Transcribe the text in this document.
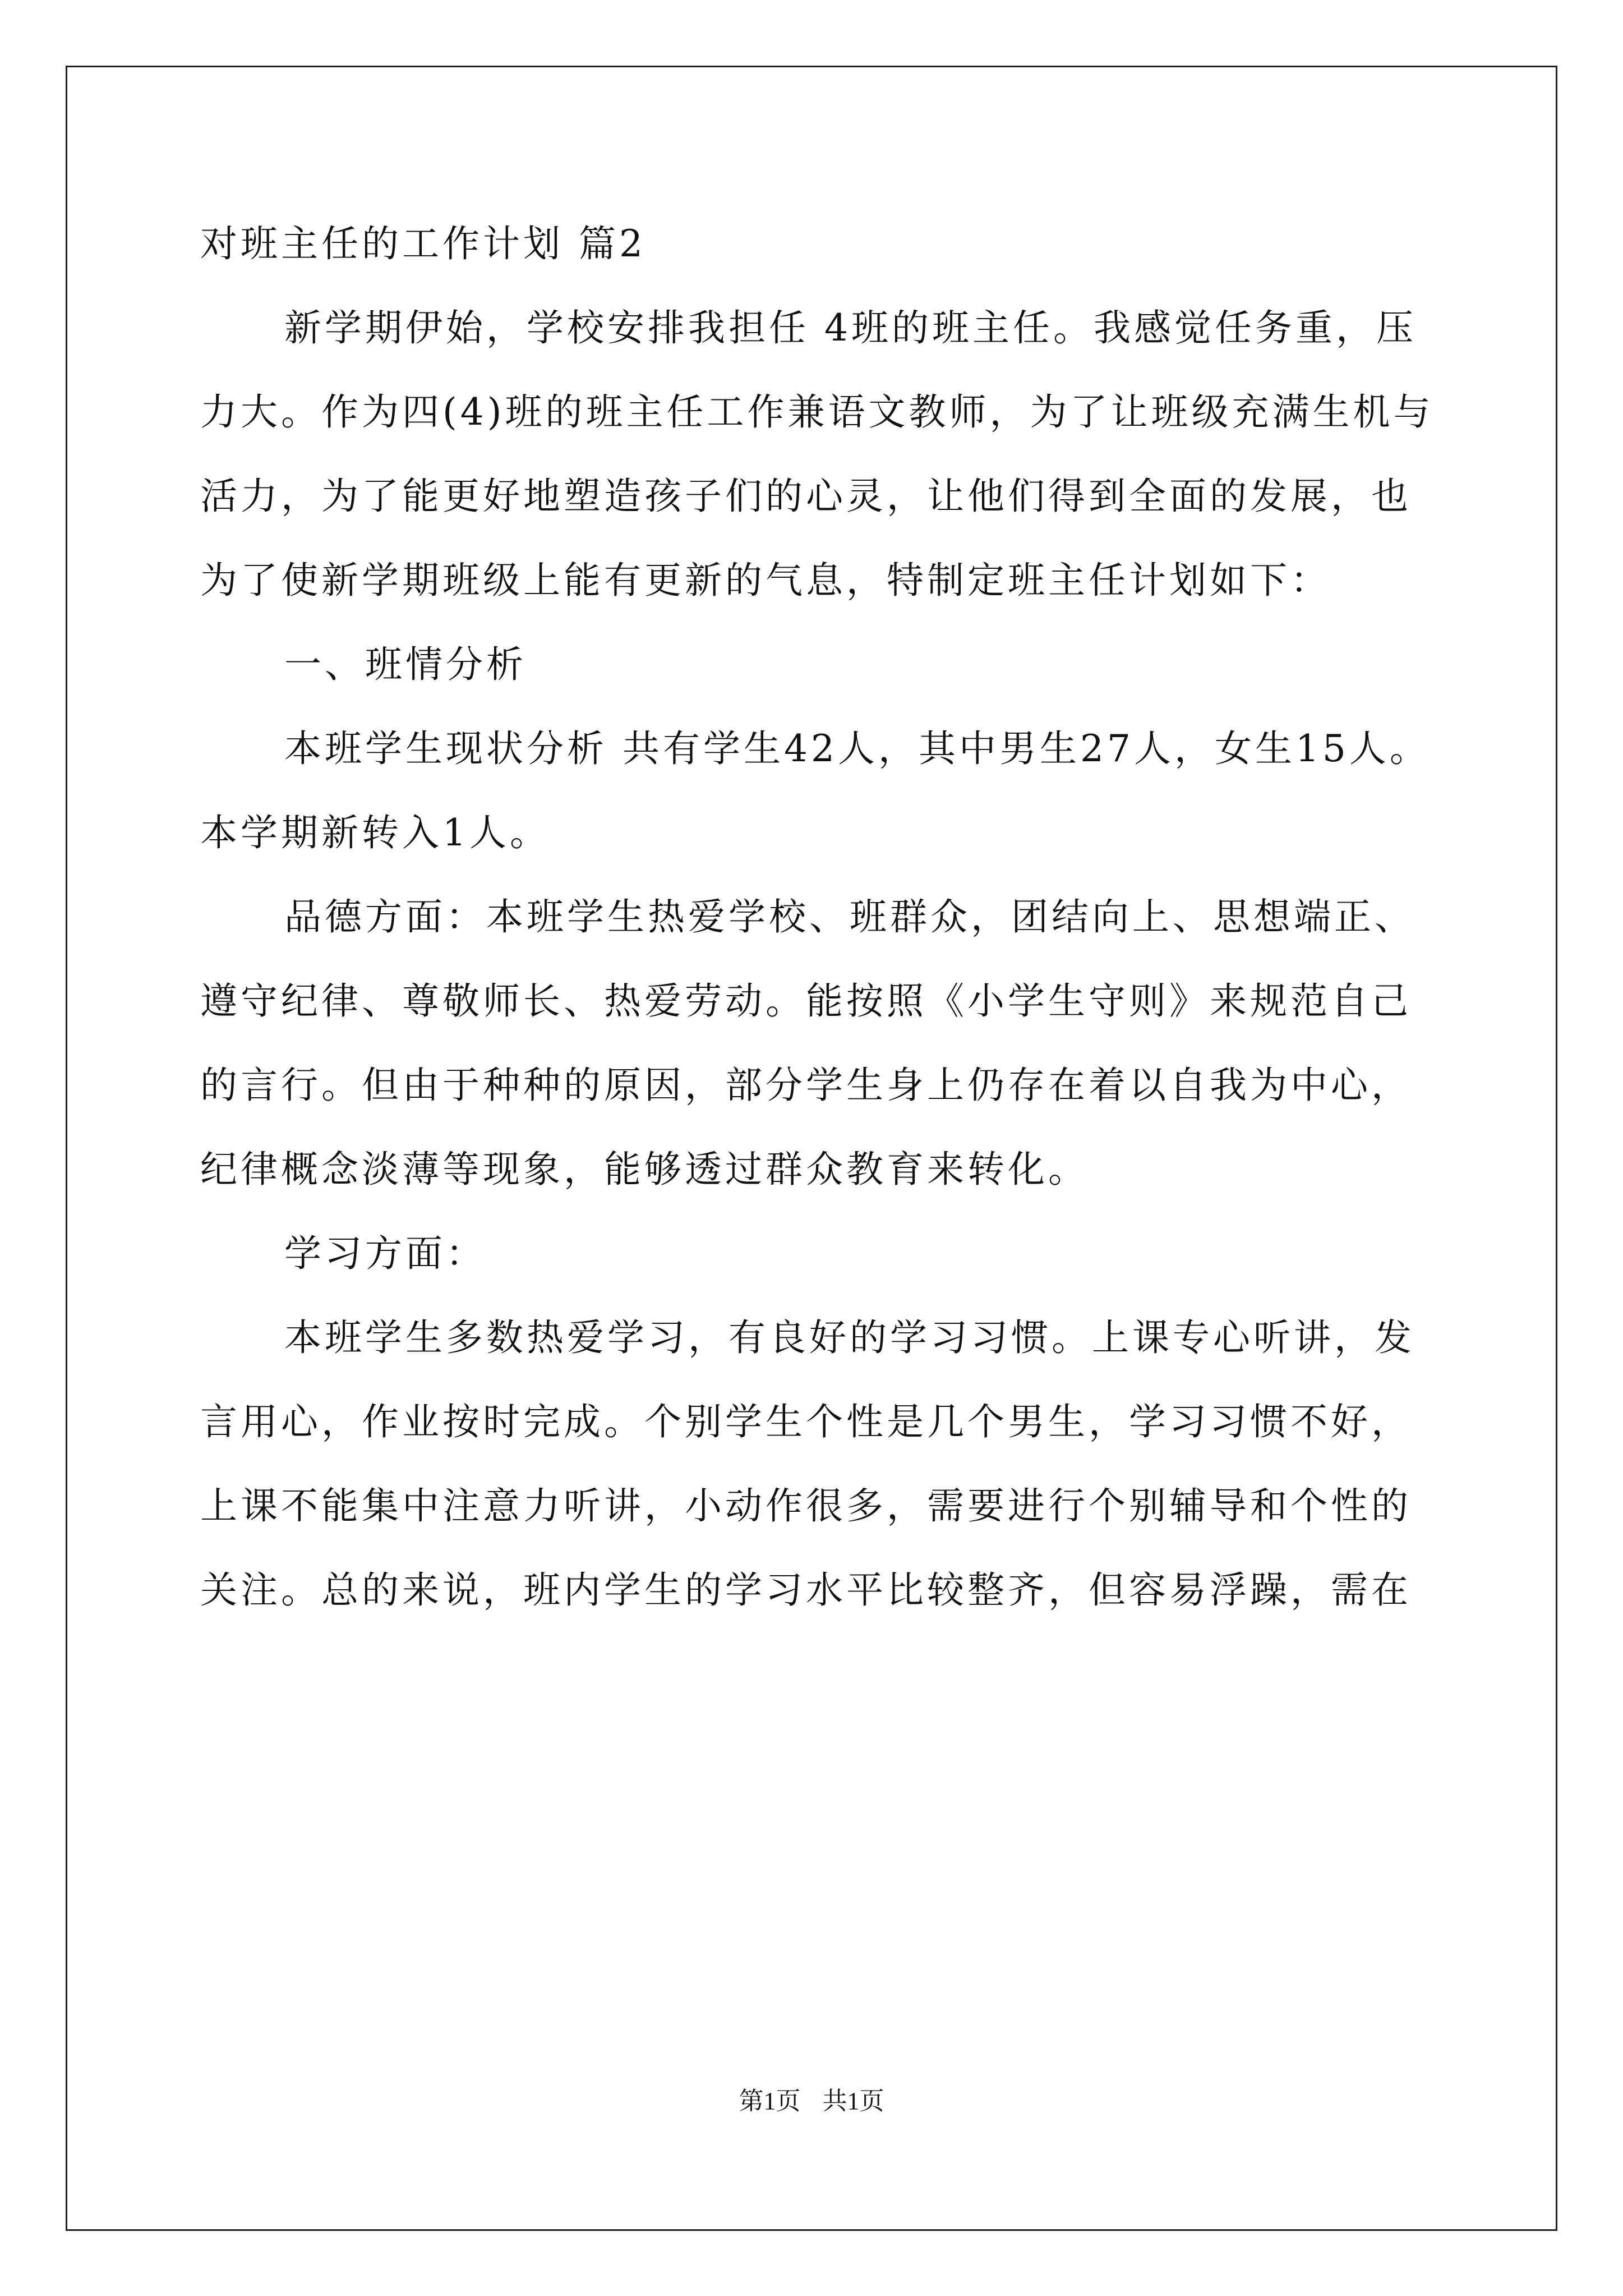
对班主任的工作计划 篇2
新学期伊始，学校安排我担任 4班的班主任。我感觉任务重，压
力大。作为四(4)班的班主任工作兼语文教师，为了让班级充满生机与
活力，为了能更好地塑造孩子们的心灵，让他们得到全面的发展，也
为了使新学期班级上能有更新的气息，特制定班主任计划如下：
一、班情分析
本班学生现状分析 共有学生42人，其中男生27人，女生15人。
本学期新转入1人。
品德方面：本班学生热爱学校、班群众，团结向上、思想端正、
遵守纪律、尊敬师长、热爱劳动。能按照《小学生守则》来规范自己
的言行。但由于种种的原因，部分学生身上仍存在着以自我为中心，
纪律概念淡薄等现象，能够透过群众教育来转化。
学习方面：
本班学生多数热爱学习，有良好的学习习惯。上课专心听讲，发
言用心，作业按时完成。个别学生个性是几个男生，学习习惯不好，
上课不能集中注意力听讲，小动作很多，需要进行个别辅导和个性的
关注。总的来说，班内学生的学习水平比较整齐，但容易浮躁，需在
第1页 共1页
